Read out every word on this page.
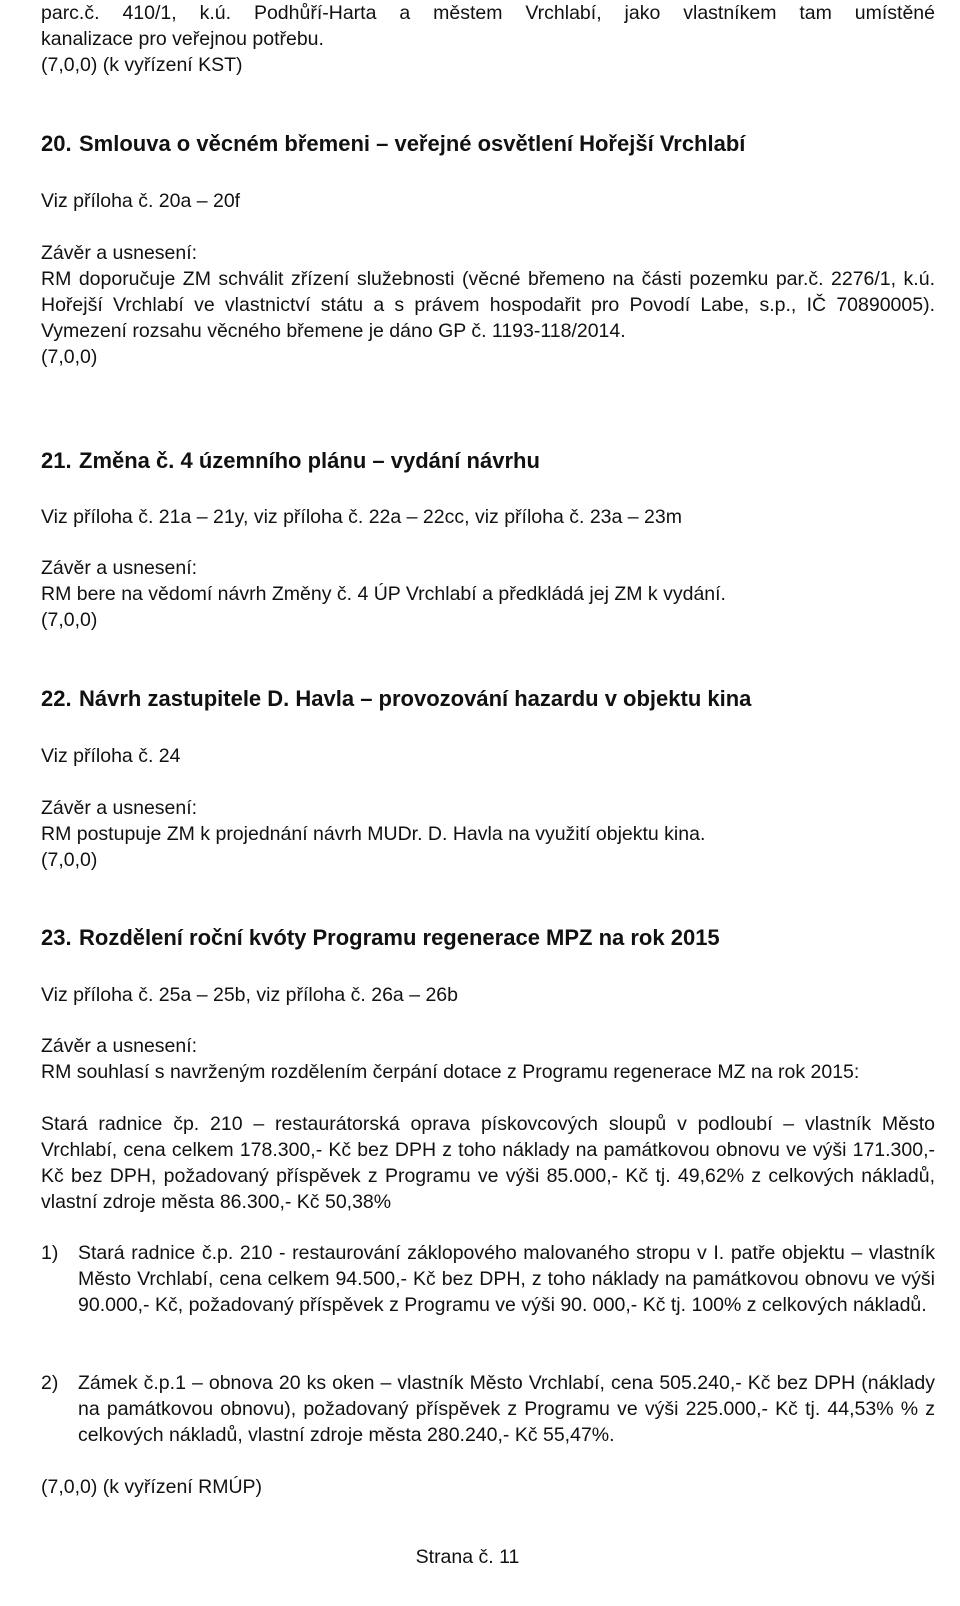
parc.č. 410/1, k.ú. Podhůří-Harta a městem Vrchlabí, jako vlastníkem tam umístěné

kanalizace pro veřejnou potřebu.

(7,0,0) (k vyřízení KST)

20. Smlouva o věcném břemeni – veřejné osvětlení Hořejší Vrchlabí

Viz příloha č. 20a – 20f

Závěr a usnesení:

RM doporučuje ZM schválit zřízení služebnosti (věcné břemeno na části pozemku par.č. 2276/1, k.ú. Hořejší Vrchlabí ve vlastnictví státu a s právem hospodařit pro Povodí Labe, s.p., IČ 70890005). Vymezení rozsahu věcného břemene je dáno GP č. 1193-118/2014.

(7,0,0)

21. Změna č. 4 územního plánu – vydání návrhu

Viz příloha č. 21a – 21y, viz příloha č. 22a – 22cc, viz příloha č. 23a – 23m

Závěr a usnesení:

RM bere na vědomí návrh Změny č. 4 ÚP Vrchlabí a předkládá jej ZM k vydání.

(7,0,0)

22. Návrh zastupitele D. Havla – provozování hazardu v objektu kina

Viz příloha č. 24

Závěr a usnesení:

RM postupuje ZM k projednání návrh MUDr. D. Havla na využití objektu kina.

(7,0,0)

23. Rozdělení roční kvóty Programu regenerace MPZ na rok 2015

Viz příloha č. 25a – 25b, viz příloha č. 26a – 26b

Závěr a usnesení:

RM souhlasí s navrženým rozdělením čerpání dotace z Programu regenerace MZ na rok 2015:

Stará radnice čp. 210 – restaurátorská oprava pískovcových sloupů v podloubí – vlastník Město Vrchlabí, cena celkem 178.300,- Kč bez DPH z toho náklady na památkovou obnovu ve výši 171.300,- Kč bez DPH, požadovaný příspěvek z Programu ve výši 85.000,- Kč tj. 49,62% z celkových nákladů, vlastní zdroje města 86.300,- Kč 50,38%

1)	Stará radnice č.p. 210 - restaurování záklopového malovaného stropu v I. patře objektu – vlastník Město Vrchlabí, cena celkem 94.500,- Kč bez DPH, z toho náklady na památkovou obnovu ve výši 90.000,- Kč, požadovaný příspěvek z Programu ve výši 90. 000,- Kč tj. 100% z celkových nákladů.
2)	Zámek č.p.1 – obnova 20 ks oken – vlastník Město Vrchlabí, cena 505.240,- Kč bez DPH (náklady na památkovou obnovu), požadovaný příspěvek z Programu ve výši 225.000,- Kč tj. 44,53% % z celkových nákladů, vlastní zdroje města 280.240,- Kč 55,47%.

(7,0,0) (k vyřízení RMÚP)

Strana č. 11
